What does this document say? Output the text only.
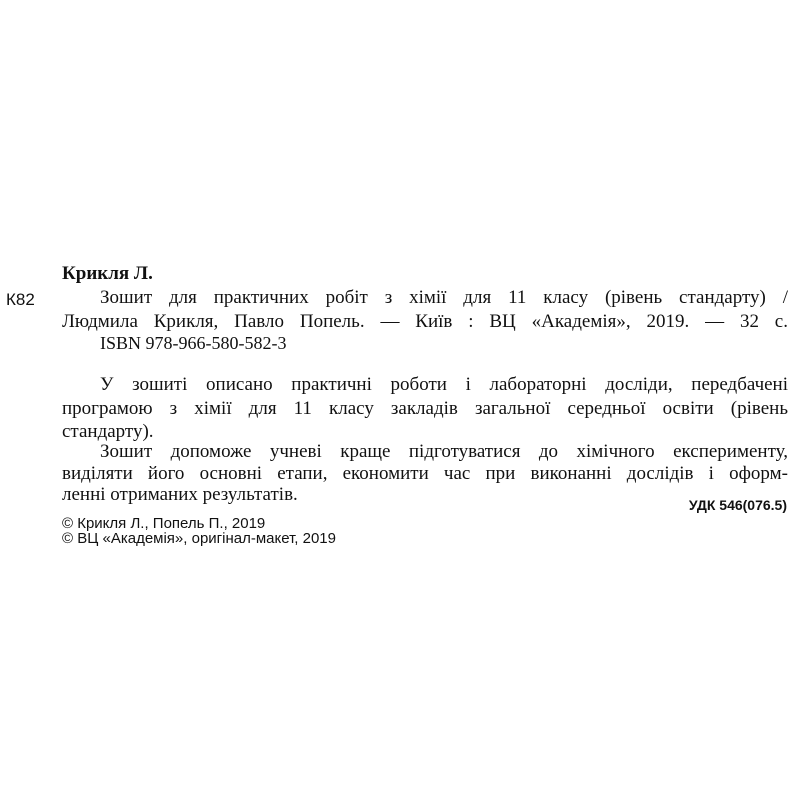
Крикля Л.
К82	Зошит для практичних робіт з хімії для 11 класу (рівень стандарту) /
Людмила Крикля, Павло Попель. — Київ : ВЦ «Академія», 2019. — 32 с.
ISBN 978-966-580-582-3
У зошиті описано практичні роботи і лабораторні досліди, передбачені
програмою з хімії для 11 класу закладів загальної середньої освіти (рівень
стандарту).
Зошит допоможе учневі краще підготуватися до хімічного експерименту,
виділяти його основні етапи, економити час при виконанні дослідів і оформ-
ленні отриманих результатів.	УДК 546(076.5)
© Крикля Л., Попель П., 2019
© ВЦ «Академія», оригінал-макет, 2019
